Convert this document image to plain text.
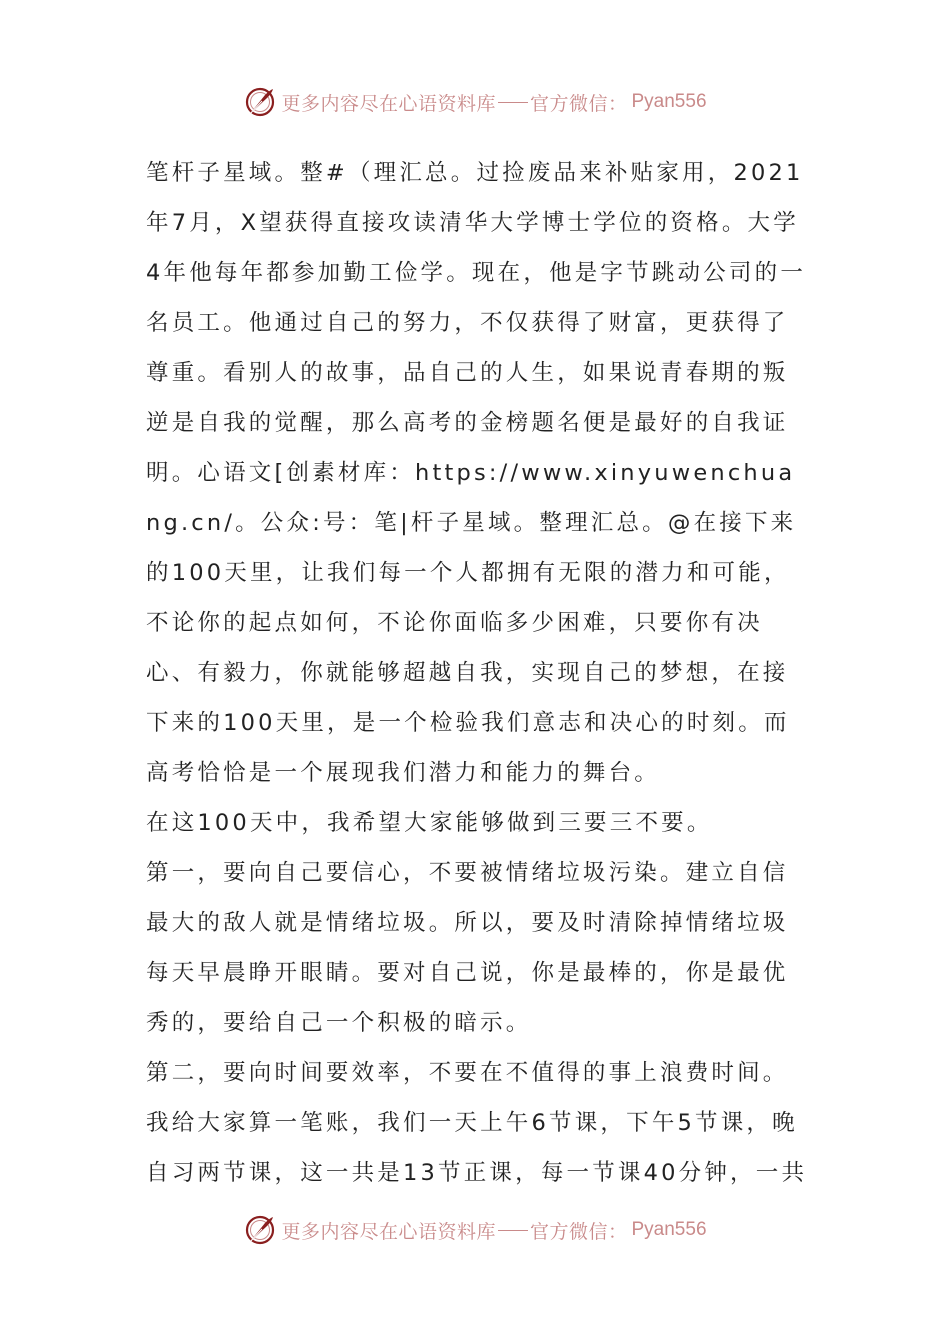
更多内容尽在心语资料库 官方微信： Pyan556

笔杆子星域。整#（理汇总。过捡废品来补贴家用，2021年7月，X望获得直接攻读清华大学博士学位的资格。大学4年他每年都参加勤工俭学。现在，他是字节跳动公司的一名员工。他通过自己的努力，不仅获得了财富，更获得了尊重。看别人的故事，品自己的人生，如果说青春期的叛逆是自我的觉醒，那么高考的金榜题名便是最好的自我证明。心语文[创素材库：https://www.xinyuwenchuang.cn/。公众:号：笔|杆子星域。整理汇总。@在接下来的100天里，让我们每一个人都拥有无限的潜力和可能，不论你的起点如何，不论你面临多少困难，只要你有决心、有毅力，你就能够超越自我，实现自己的梦想，在接下来的100天里，是一个检验我们意志和决心的时刻。而高考恰恰是一个展现我们潜力和能力的舞台。

在这100天中，我希望大家能够做到三要三不要。

第一，要向自己要信心，不要被情绪垃圾污染。建立自信最大的敌人就是情绪垃圾。所以，要及时清除掉情绪垃圾每天早晨睁开眼睛。要对自己说，你是最棒的，你是最优秀的，要给自己一个积极的暗示。

第二，要向时间要效率，不要在不值得的事上浪费时间。我给大家算一笔账，我们一天上午6节课，下午5节课，晚自习两节课，这一共是13节正课，每一节课40分钟，一共

更多内容尽在心语资料库 官方微信： Pyan556
